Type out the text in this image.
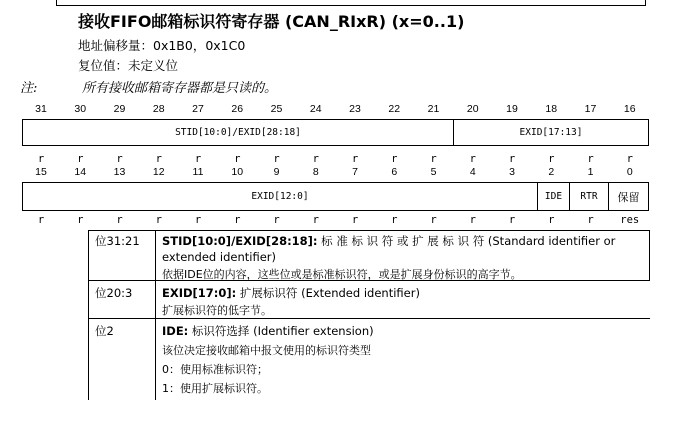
接收FIFO邮箱标识符寄存器 (CAN_RIxR) (x=0..1)
地址偏移量：0x1B0，0x1C0
复位值：未定义位
注:	所有接收邮箱寄存器都是只读的。
31	30	29	28	27	26	25	24	23	22	21	20	19	18	17	16
STID[10:0]/EXID[28:18]	EXID[17:13]
r	r	r	r	r	r	r	r	r	r	r	r	r	r	r	r
15	14	13	12	11	10	9	8	7	6	5	4	3	2	1	0
EXID[12:0]	IDE RTR 保留
r	r	r	r	r	r	r	r	r	r	r	r	r	r	r	res
位31:21 STID[10:0]/EXID[28:18]: 标 准 标 识 符 或 扩 展 标 识 符 (Standard identifier or extended identifier)
依据IDE位的内容，这些位或是标准标识符，或是扩展身份标识的高字节。
位20:3	EXID[17:0]: 扩展标识符 (Extended identifier)
扩展标识符的低字节。
位2	IDE: 标识符选择 (Identifier extension)
该位决定接收邮箱中报文使用的标识符类型
0：使用标准标识符；
1：使用扩展标识符。
